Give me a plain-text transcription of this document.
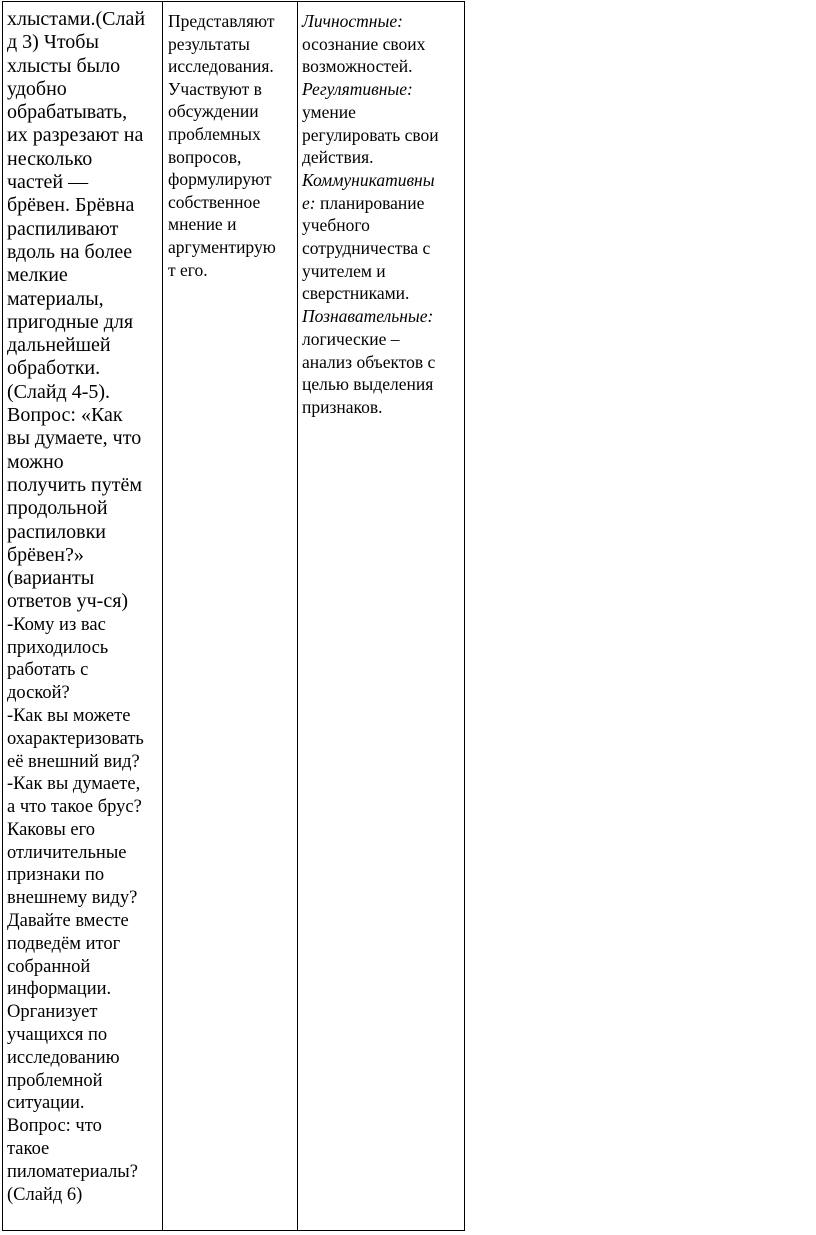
хлыстами.(Слай
д 3) Чтобы
хлысты было
удобно
обрабатывать,
их разрезают на
несколько
частей —
брёвен. Брёвна
распиливают
вдоль на более
мелкие
материалы,
пригодные для
дальнейшей
обработки.
(Слайд 4-5).
Вопрос: «Как
вы думаете, что
можно
получить путём
продольной
распиловки
брёвен?»
(варианты
ответов уч-ся)
-Кому из вас
приходилось
работать с
доской?
-Как вы можете
охарактеризовать
её внешний вид?
-Как вы думаете,
а что такое брус?
Каковы его
отличительные
признаки по
внешнему виду?
Давайте вместе
подведём итог
собранной
информации.
Организует
учащихся по
исследованию
проблемной
ситуации.
Вопрос: что
такое
пиломатериалы?
(Слайд 6)
Представляют
результаты
исследования.
Участвуют в
обсуждении
проблемных
вопросов,
формулируют
собственное
мнение и
аргументирую
т его.
Личностные:
осознание своих
возможностей.
Регулятивные:
умение
регулировать свои
действия.
Коммуникативны
е: планирование
учебного
сотрудничества с
учителем и
сверстниками.
Познавательные:
логические –
анализ объектов с
целью выделения
признаков.
